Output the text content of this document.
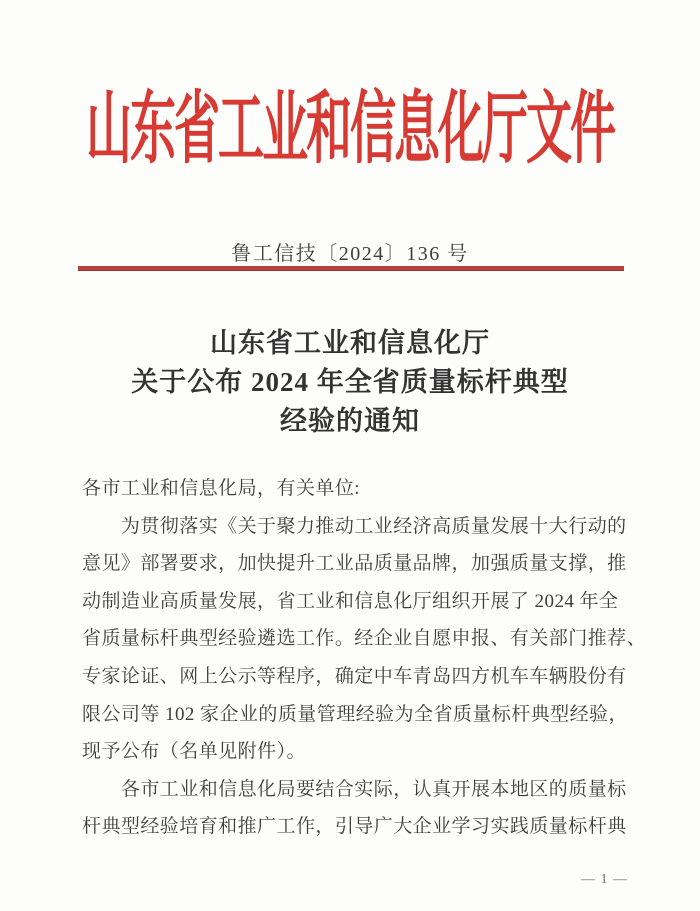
山东省工业和信息化厅文件
鲁工信技〔2024〕136 号
山东省工业和信息化厅
关于公布 2024 年全省质量标杆典型
经验的通知
各市工业和信息化局，有关单位:
　　为贯彻落实《关于聚力推动工业经济高质量发展十大行动的
意见》部署要求，加快提升工业品质量品牌，加强质量支撑，推
动制造业高质量发展，省工业和信息化厅组织开展了 2024 年全
省质量标杆典型经验遴选工作。经企业自愿申报、有关部门推荐、
专家论证、网上公示等程序，确定中车青岛四方机车车辆股份有
限公司等 102 家企业的质量管理经验为全省质量标杆典型经验，
现予公布（名单见附件）。
　　各市工业和信息化局要结合实际，认真开展本地区的质量标
杆典型经验培育和推广工作，引导广大企业学习实践质量标杆典
— 1 —
